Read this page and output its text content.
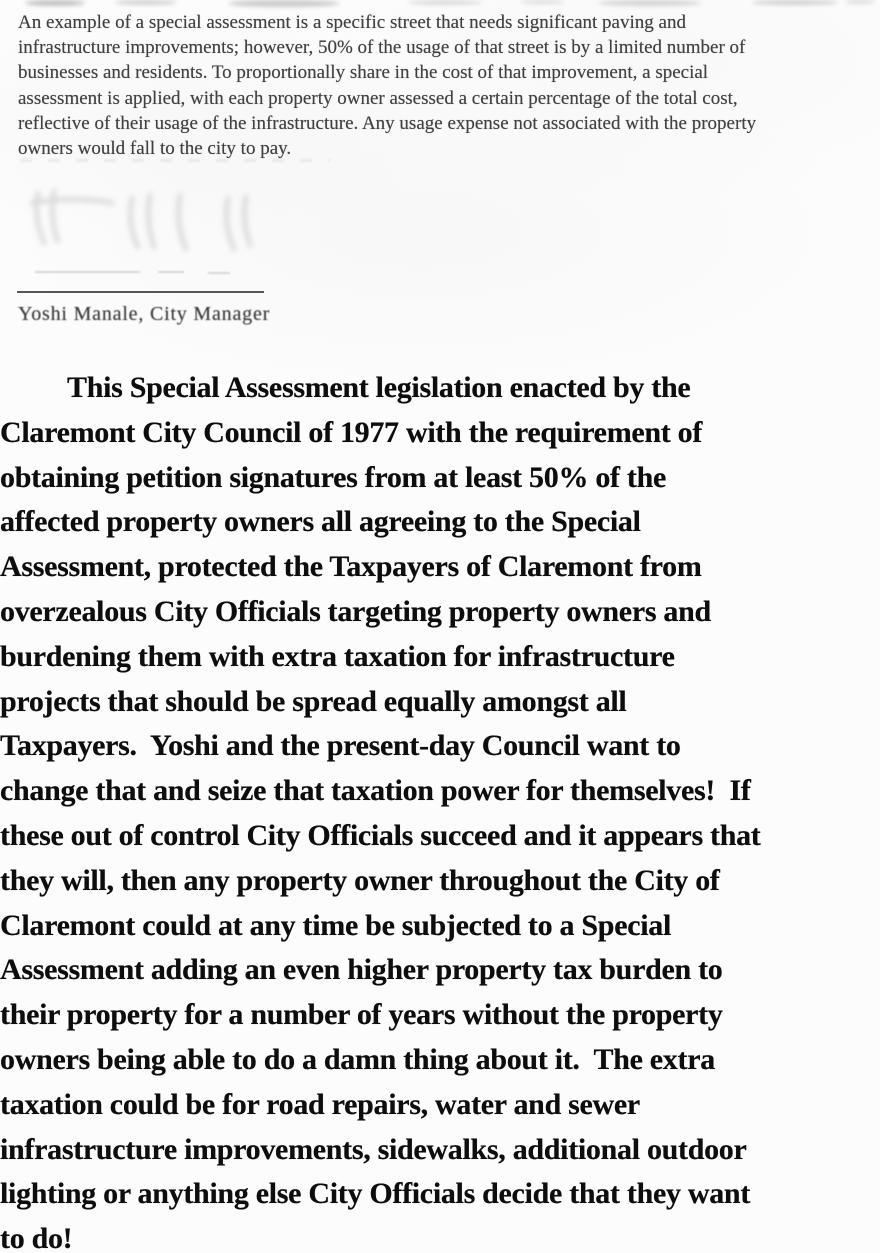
An example of a special assessment is a specific street that needs significant paving and
infrastructure improvements; however, 50% of the usage of that street is by a limited number of
businesses and residents. To proportionally share in the cost of that improvement, a special
assessment is applied, with each property owner assessed a certain percentage of the total cost,
reflective of their usage of the infrastructure. Any usage expense not associated with the property
owners would fall to the city to pay.
Yoshi Manale, City Manager
This Special Assessment legislation enacted by the
Claremont City Council of 1977 with the requirement of
obtaining petition signatures from at least 50% of the
affected property owners all agreeing to the Special
Assessment, protected the Taxpayers of Claremont from
overzealous City Officials targeting property owners and
burdening them with extra taxation for infrastructure
projects that should be spread equally amongst all
Taxpayers.  Yoshi and the present-day Council want to
change that and seize that taxation power for themselves!  If
these out of control City Officials succeed and it appears that
they will, then any property owner throughout the City of
Claremont could at any time be subjected to a Special
Assessment adding an even higher property tax burden to
their property for a number of years without the property
owners being able to do a damn thing about it.  The extra
taxation could be for road repairs, water and sewer
infrastructure improvements, sidewalks, additional outdoor
lighting or anything else City Officials decide that they want
to do!
